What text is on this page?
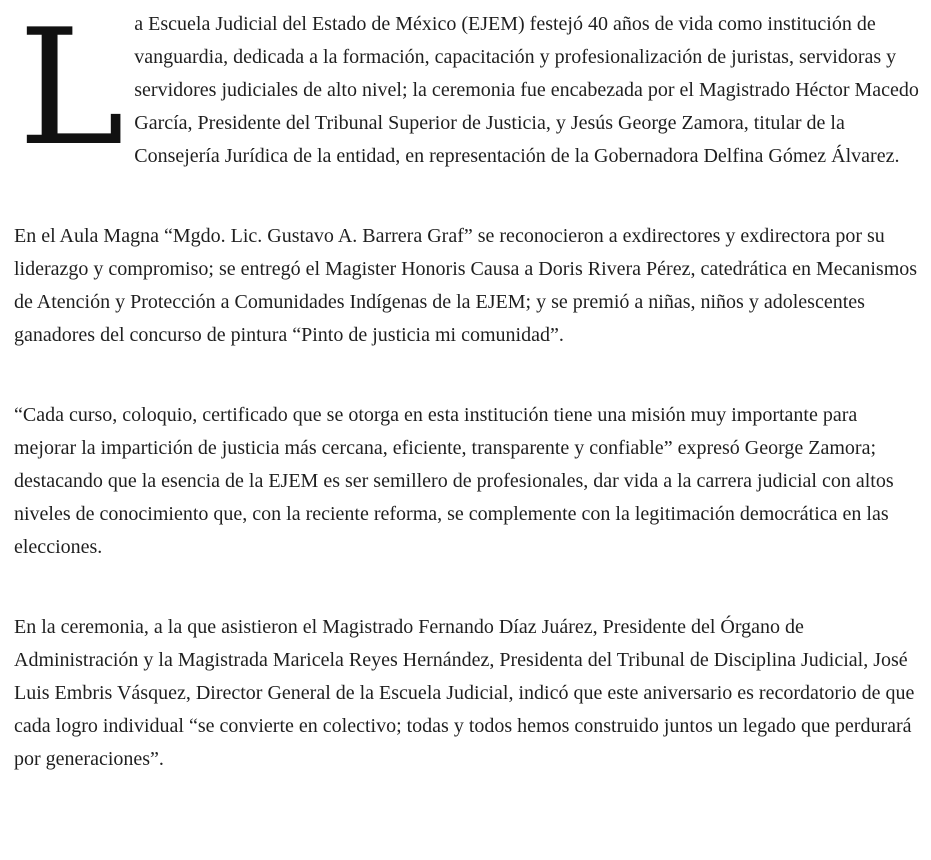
L a Escuela Judicial del Estado de México (EJEM) festejó 40 años de vida como institución de vanguardia, dedicada a la formación, capacitación y profesionalización de juristas, servidoras y servidores judiciales de alto nivel; la ceremonia fue encabezada por el Magistrado Héctor Macedo García, Presidente del Tribunal Superior de Justicia, y Jesús George Zamora, titular de la Consejería Jurídica de la entidad, en representación de la Gobernadora Delfina Gómez Álvarez.

En el Aula Magna “Mgdo. Lic. Gustavo A. Barrera Graf” se reconocieron a exdirectores y exdirectora por su liderazgo y compromiso; se entregó el Magister Honoris Causa a Doris Rivera Pérez, catedrática en Mecanismos de Atención y Protección a Comunidades Indígenas de la EJEM; y se premió a niñas, niños y adolescentes ganadores del concurso de pintura “Pinto de justicia mi comunidad”.

“Cada curso, coloquio, certificado que se otorga en esta institución tiene una misión muy importante para mejorar la impartición de justicia más cercana, eficiente, transparente y confiable” expresó George Zamora; destacando que la esencia de la EJEM es ser semillero de profesionales, dar vida a la carrera judicial con altos niveles de conocimiento que, con la reciente reforma, se complemente con la legitimación democrática en las elecciones.

En la ceremonia, a la que asistieron el Magistrado Fernando Díaz Juárez, Presidente del Órgano de Administración y la Magistrada Maricela Reyes Hernández, Presidenta del Tribunal de Disciplina Judicial, José Luis Embris Vásquez, Director General de la Escuela Judicial, indicó que este aniversario es recordatorio de que cada logro individual “se convierte en colectivo; todas y todos hemos construido juntos un legado que perdurará por generaciones”.
